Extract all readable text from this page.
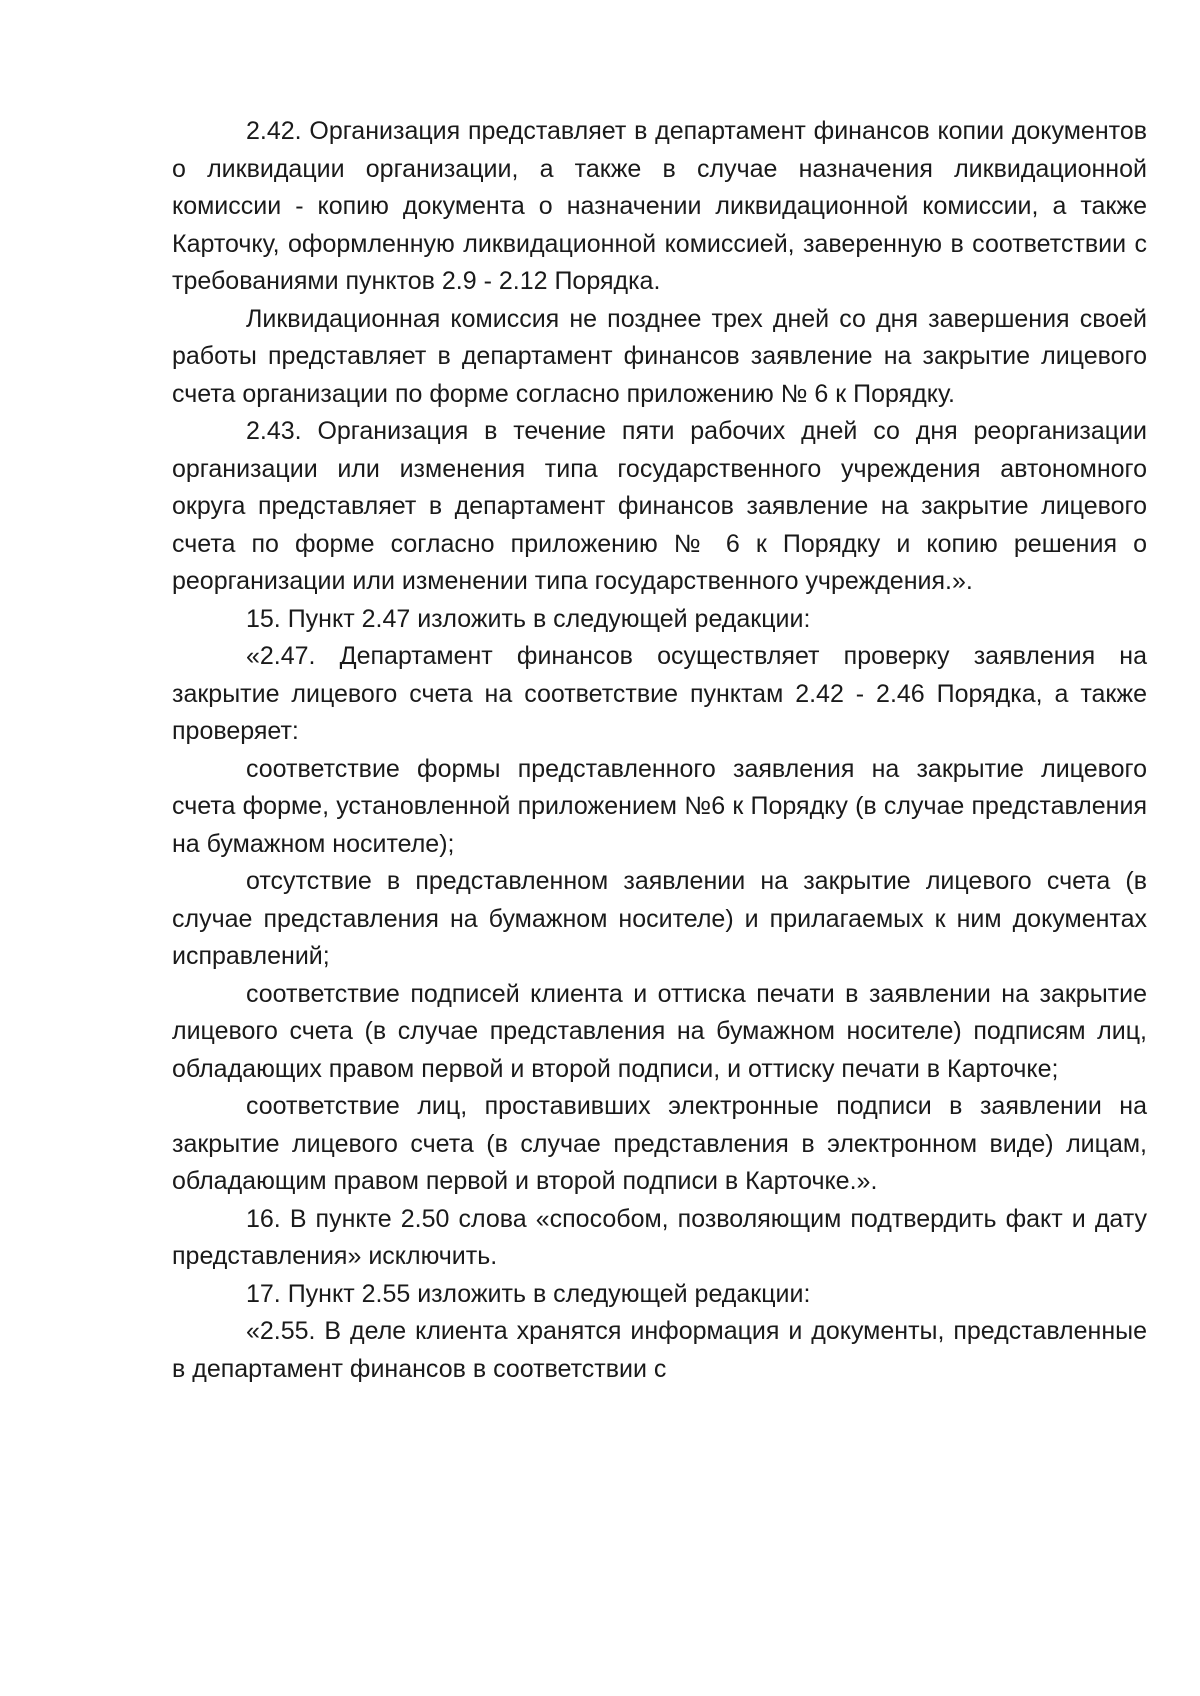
2.42. Организация представляет в департамент финансов копии документов о ликвидации организации, а также в случае назначения ликвидационной комиссии - копию документа о назначении ликвидационной комиссии, а также Карточку, оформленную ликвидационной комиссией, заверенную в соответствии с требованиями пунктов 2.9 - 2.12 Порядка.

Ликвидационная комиссия не позднее трех дней со дня завершения своей работы представляет в департамент финансов заявление на закрытие лицевого счета организации по форме согласно приложению № 6 к Порядку.

2.43. Организация в течение пяти рабочих дней со дня реорганизации организации или изменения типа государственного учреждения автономного округа представляет в департамент финансов заявление на закрытие лицевого счета по форме согласно приложению № 6 к Порядку и копию решения о реорганизации или изменении типа государственного учреждения.».

15. Пункт 2.47 изложить в следующей редакции:

«2.47. Департамент финансов осуществляет проверку заявления на закрытие лицевого счета на соответствие пунктам 2.42 - 2.46 Порядка, а также проверяет:

соответствие формы представленного заявления на закрытие лицевого счета форме, установленной приложением №6 к Порядку (в случае представления на бумажном носителе);

отсутствие в представленном заявлении на закрытие лицевого счета (в случае представления на бумажном носителе) и прилагаемых к ним документах исправлений;

соответствие подписей клиента и оттиска печати в заявлении на закрытие лицевого счета (в случае представления на бумажном носителе) подписям лиц, обладающих правом первой и второй подписи, и оттиску печати в Карточке;

соответствие лиц, проставивших электронные подписи в заявлении на закрытие лицевого счета (в случае представления в электронном виде) лицам, обладающим правом первой и второй подписи в Карточке.».

16. В пункте 2.50 слова «способом, позволяющим подтвердить факт и дату представления» исключить.

17. Пункт 2.55 изложить в следующей редакции:

«2.55. В деле клиента хранятся информация и документы, представленные в департамент финансов в соответствии с
